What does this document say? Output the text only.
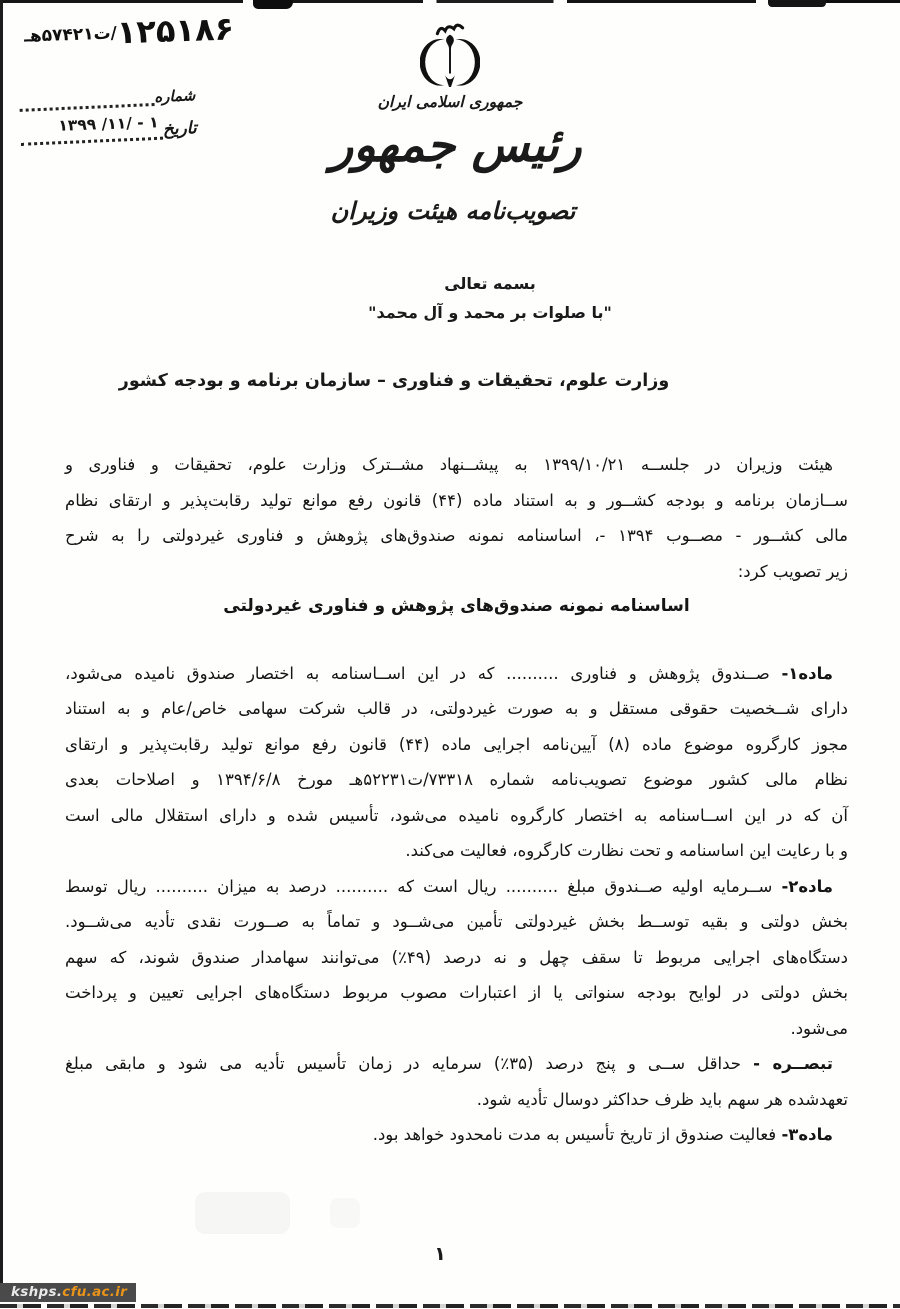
۱۲۵۱۸۶/ت۵۷۴۲۱هـ
شماره
تاریخ
۱۳۹۹ /۱۱/ - ۱
جمهوری اسلامی ایران
رئیس جمهور
تصویب‌نامه هیئت وزیران
بسمه تعالی
"با صلوات بر محمد و آل محمد"
وزارت علوم، تحقیقات و فناوری – سازمان برنامه و بودجه کشور
هیئت وزیران در جلســه ۱۳۹۹/۱۰/۲۱ به پیشــنهاد مشــترک وزارت علوم، تحقیقات و فناوری و
ســازمان برنامه و بودجه کشــور و به استناد ماده (۴۴) قانون رفع موانع تولید رقابت‌پذیر و ارتقای نظام
مالی کشــور - مصــوب ۱۳۹۴ -، اساسنامه نمونه صندوق‌های پژوهش و فناوری غیردولتی را به شرح
زیر تصویب کرد:
اساسنامه نمونه صندوق‌های پژوهش و فناوری غیردولتی
ماده۱- صــندوق پژوهش و فناوری .......... که در این اســاسنامه به اختصار صندوق نامیده می‌شود،
دارای شــخصیت حقوقی مستقل و به صورت غیردولتی، در قالب شرکت سهامی خاص/عام و به استناد
مجوز کارگروه موضوع ماده (۸) آیین‌نامه اجرایی ماده (۴۴) قانون رفع موانع تولید رقابت‌پذیر و ارتقای
نظام مالی کشور موضوع تصویب‌نامه شماره ۷۳۳۱۸/ت۵۲۲۳۱هـ مورخ ۱۳۹۴/۶/۸ و اصلاحات بعدی
آن که در این اســاسنامه به اختصار کارگروه نامیده می‌شود، تأسیس شده و دارای استقلال مالی است
و با رعایت این اساسنامه و تحت نظارت کارگروه، فعالیت می‌کند.
ماده۲- ســرمایه اولیه صــندوق مبلغ .......... ریال است که .......... درصد به میزان .......... ریال توسط
بخش دولتی و بقیه توســط بخش غیردولتی تأمین می‌شــود و تماماً به صــورت نقدی تأدیه می‌شــود.
دستگاه‌های اجرایی مربوط تا سقف چهل و نه درصد (۴۹٪) می‌توانند سهامدار صندوق شوند، که سهم
بخش دولتی در لوایح بودجه سنواتی یا از اعتبارات مصوب مربوط دستگاه‌های اجرایی تعیین و پرداخت
می‌شود.
تبصــره - حداقل ســی و پنج درصد (۳۵٪) سرمایه در زمان تأسیس تأدیه می شود و مابقی مبلغ
تعهدشده هر سهم باید ظرف حداکثر دوسال تأدیه شود.
ماده۳- فعالیت صندوق از تاریخ تأسیس به مدت نامحدود خواهد بود.
۱
kshps . cfu.ac.ir
